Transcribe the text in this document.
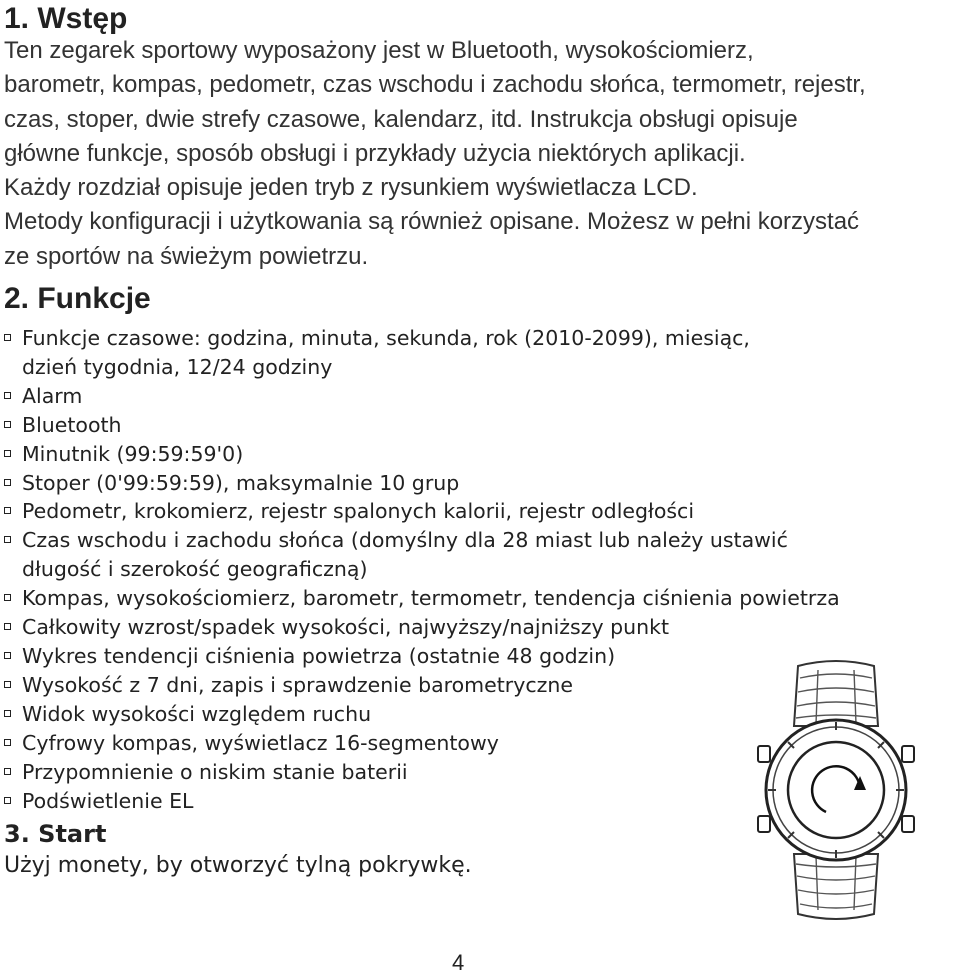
1. Wstęp

Ten zegarek sportowy wyposażony jest w Bluetooth, wysokościomierz,

barometr, kompas, pedometr, czas wschodu i zachodu słońca, termometr, rejestr,

czas, stoper, dwie strefy czasowe, kalendarz, itd. Instrukcja obsługi opisuje

główne funkcje, sposób obsługi i przykłady użycia niektórych aplikacji.

Każdy rozdział opisuje jeden tryb z rysunkiem wyświetlacza LCD.

Metody konfiguracji i użytkowania są również opisane. Możesz w pełni korzystać

ze sportów na świeżym powietrzu.

2. Funkcje
Funkcje czasowe: godzina, minuta, sekunda, rok (2010-2099), miesiąc,
dzień tygodnia, 12/24 godziny
Alarm
Bluetooth
Minutnik (99:59:59'0)
Stoper (0'99:59:59), maksymalnie 10 grup
Pedometr, krokomierz, rejestr spalonych kalorii, rejestr odległości
Czas wschodu i zachodu słońca (domyślny dla 28 miast lub należy ustawić
długość i szerokość geograficzną)
Kompas, wysokościomierz, barometr, termometr, tendencja ciśnienia powietrza
Całkowity wzrost/spadek wysokości, najwyższy/najniższy punkt
Wykres tendencji ciśnienia powietrza (ostatnie 48 godzin)
Wysokość z 7 dni, zapis i sprawdzenie barometryczne
Widok wysokości względem ruchu
Cyfrowy kompas, wyświetlacz 16-segmentowy
Przypomnienie o niskim stanie baterii
Podświetlenie EL
3. Start
Użyj monety, by otworzyć tylną pokrywkę.
4
